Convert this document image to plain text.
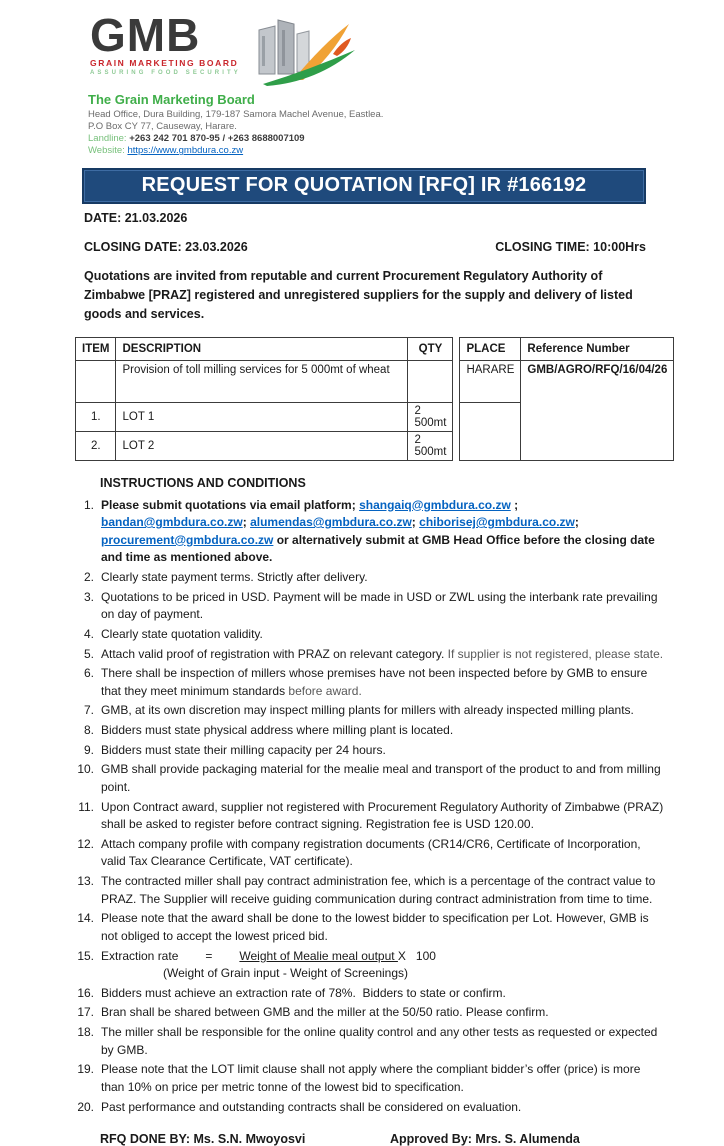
GMB
GRAIN MARKETING BOARD
ASSURING FOOD SECURITY
The Grain Marketing Board
Head Office, Dura Building, 179-187 Samora Machel Avenue, Eastlea.
P.O Box CY 77, Causeway, Harare.
Landline: +263 242 701 870-95 / +263 8688007109
Website: https://www.gmbdura.co.zw
REQUEST FOR QUOTATION [RFQ] IR #166192
DATE: 21.03.2026
CLOSING DATE: 23.03.2026	CLOSING TIME: 10:00Hrs
Quotations are invited from reputable and current Procurement Regulatory Authority of Zimbabwe [PRAZ] registered and unregistered suppliers for the supply and delivery of listed goods and services.
ITEM	DESCRIPTION	QTY		PLACE	Reference Number
	Provision of toll milling services for 5 000mt of wheat			HARARE	GMB/AGRO/RFQ/16/04/26
1.	LOT 1	2 500mt			
2.	LOT 2	2 500mt			
INSTRUCTIONS AND CONDITIONS
1. Please submit quotations via email platform; shangaiq@gmbdura.co.zw ; bandan@gmbdura.co.zw; alumendas@gmbdura.co.zw; chiborisej@gmbdura.co.zw; procurement@gmbdura.co.zw or alternatively submit at GMB Head Office before the closing date and time as mentioned above.
2. Clearly state payment terms. Strictly after delivery.
3. Quotations to be priced in USD. Payment will be made in USD or ZWL using the interbank rate prevailing on day of payment.
4. Clearly state quotation validity.
5. Attach valid proof of registration with PRAZ on relevant category. If supplier is not registered, please state.
6. There shall be inspection of millers whose premises have not been inspected before by GMB to ensure that they meet minimum standards before award.
7. GMB, at its own discretion may inspect milling plants for millers with already inspected milling plants.
8. Bidders must state physical address where milling plant is located.
9. Bidders must state their milling capacity per 24 hours.
10. GMB shall provide packaging material for the mealie meal and transport of the product to and from milling point.
11. Upon Contract award, supplier not registered with Procurement Regulatory Authority of Zimbabwe (PRAZ) shall be asked to register before contract signing. Registration fee is USD 120.00.
12. Attach company profile with company registration documents (CR14/CR6, Certificate of Incorporation, valid Tax Clearance Certificate, VAT certificate).
13. The contracted miller shall pay contract administration fee, which is a percentage of the contract value to PRAZ. The Supplier will receive guiding communication during contract administration from time to time.
14. Please note that the award shall be done to the lowest bidder to specification per Lot. However, GMB is not obliged to accept the lowest priced bid.
15. Extraction rate = Weight of Mealie meal output X   100
(Weight of Grain input - Weight of Screenings)
16. Bidders must achieve an extraction rate of 78%.  Bidders to state or confirm.
17. Bran shall be shared between GMB and the miller at the 50/50 ratio. Please confirm.
18. The miller shall be responsible for the online quality control and any other tests as requested or expected by GMB.
19. Please note that the LOT limit clause shall not apply where the compliant bidder’s offer (price) is more than 10% on price per metric tonne of the lowest bid to specification.
20. Past performance and outstanding contracts shall be considered on evaluation.
RFQ DONE BY: Ms. S.N. Mwoyosvi	Approved By: Mrs. S. Alumenda
